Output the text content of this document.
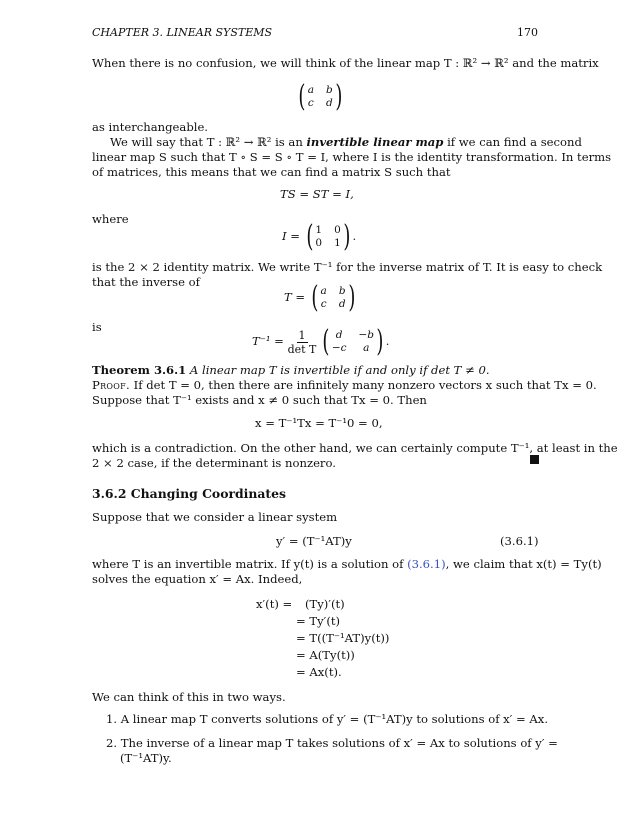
CHAPTER 3. LINEAR SYSTEMS	170
When there is no confusion, we will think of the linear map T : ℝ² → ℝ² and the matrix
( a b
c d )
as interchangeable.
We will say that T : ℝ² → ℝ² is an invertible linear map if we can find a second
linear map S such that T ∘ S = S ∘ T = I, where I is the identity transformation. In terms
of matrices, this means that we can find a matrix S such that
TS = ST = I,
where
I = ( 1 0
0 1 ) .
is the 2 × 2 identity matrix. We write T⁻¹ for the inverse matrix of T. It is easy to check
that the inverse of
T = ( a b
c d )
is
$T^{-1} = \frac{1}{\text{det T}}$
( d	−b
−c	a ) .
Theorem 3.6.1 A linear map T is invertible if and only if det T ≠ 0.
Proof. If det T = 0, then there are infinitely many nonzero vectors x such that Tx = 0.
Suppose that T⁻¹ exists and x ≠ 0 such that Tx = 0. Then
x = T⁻¹Tx = T⁻¹0 = 0,
which is a contradiction. On the other hand, we can certainly compute T⁻¹, at least in the
2 × 2 case, if the determinant is nonzero.
3.6.2 Changing Coordinates
Suppose that we consider a linear system
y′ = (T⁻¹AT)y	(3.6.1)
where T is an invertible matrix. If y(t) is a solution of (3.6.1), we claim that x(t) = Ty(t)
solves the equation x′ = Ax. Indeed,
x′(t) = (Ty)′(t)
= Ty′(t)
= T((T⁻¹AT)y(t))
= A(Ty(t))
= Ax(t).
We can think of this in two ways.
1. A linear map T converts solutions of y′ = (T⁻¹AT)y to solutions of x′ = Ax.
2. The inverse of a linear map T takes solutions of x′ = Ax to solutions of y′ =
(T⁻¹AT)y.
